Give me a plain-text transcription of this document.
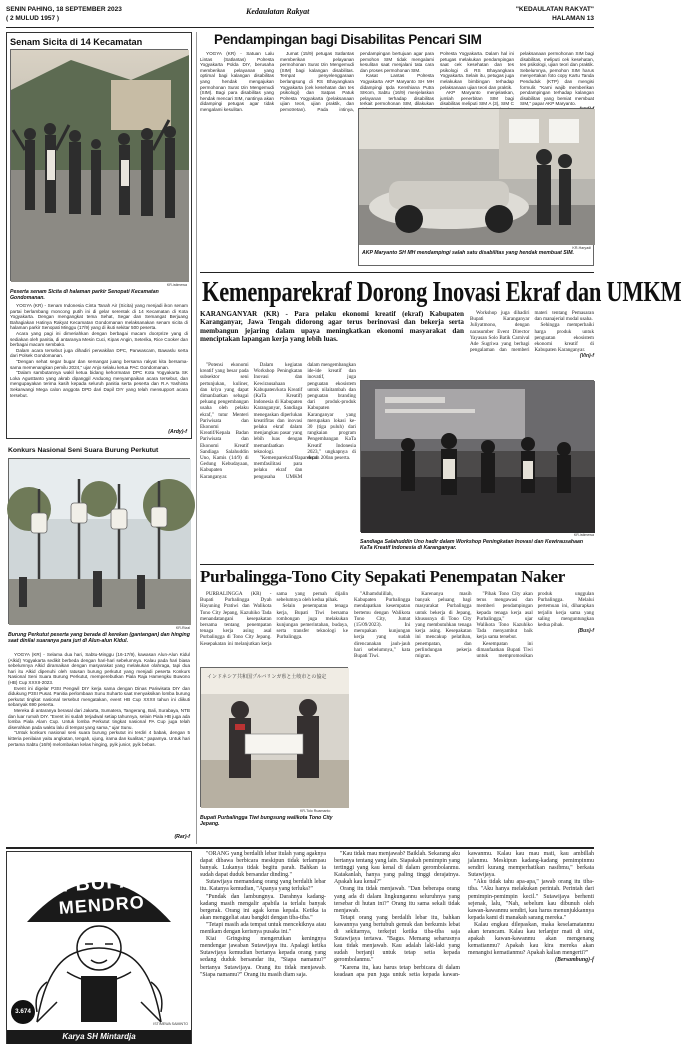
SENIN PAHING, 18 SEPTEMBER 2023
( 2 MULUD 1957 )
Kedaulatan Rakyat	"KEDAULATAN RAKYAT"
HALAMAN 13
Senam Sicita di 14 Kecamatan
KR-istimewa
Peserta senam Sicita di halaman parkir Senopati Kecamatan Gondomanan.

YOGYA (KR) - Senam Indonesia Cinta Tanah Air (Sicita) yang menjadi ikon senam partai berlambang moncong putih ini di gelar serentak di 14 Kecamatan di Kota Yogyakarta. Dengan mengangkat tema Sehat, Segar dan Semangat Berjuang Bahagiakan Hatinya Rakyat Kecamatan Gondomanan melaksanakan senam sicita di halaman parkir Senopati Minggu (17/9) yang di ikuti sekitar 500 peserta.

Acara yang pagi ini dimeriahkan dengan berbagai macam doorprize yang di sediakan oleh panitia, di antaranya Mesin Cuci, Kipas Angin, Seterika, Rice Cooker dan berbagai macam sembako.

Dalam acara tersebut juga dihadiri perwakilan DPC, Panwascam, Bawaslu serta dari Polsek Gondomanan.

"Dengan sehat segar bugar dan semangat juang bersama rakyat kita bersama-sama memenangkan pemilu 2024," ujar Anjo selaku ketua PAC Gondomanan.

"Dalam sambutannya wakil ketua bidang kehormatan DPC Kota Yogyakarta SK Loka Agusttanto yang akrab dipanggil Anduong menyampaikan acara tersebut, dan mengupayakan terima kasih kepada seluruh panitia serta peserta dan R.A Yashinta Sekarwangi Mega calon anggota DPD dari Dapil DIY yang telah mensupport acara tersebut.

(Ardy)-f
Konkurs Nasional Seni Suara Burung Perkutut
KR-Rizal
Burung Perkutut peserta yang berada di kerekan (gantangan) dan hinging saat dinilai suaranya para juri di Alun-alun Kidul.

YOGYA (KR) - Selama dua hari, Sabtu-Minggu (16-17/9), kawasan Alun-Alun Kidul (Alkid) Yogyakarta sedikit berbeda dengan hari-hari sebelumnya. Kalau pada hari biasa sebelumnya Alkid diramaikan dengan masyarakat yang melakukan olahraga, tapi dua hari itu Alkid dipenuhi oleh ratusan burung perkutut yang menjadi peserta Konkurs Nasional Seni Suara Burung Perkutut, memperebutkan Piala Raja Hamengku Buwono (HB) Cup XXXII-2023.

Event ini digelar P3SI Pengwil DIY kerja sama dengan Dinas Pariwisata DIY dan didukung P3SI Pusat. Panitia perlombaan Sunu Suharto saat menyaksikan lomba burung perkutut tingkat nasional tersebut mengatakan, event HB Cup XXXII tahun ini diikuti sebanyak 690 peserta.

Mereka di antaranya berasal dari Jakarta, Sumatera, Tangerang, Bali, Surabaya, NTB dan luar rumah DIY. "Event ini sudah terjadwal setiap tahunnya, selain Piala HB juga ada lomba Piala Alam Cup. Untuk lomba Perkutut tingkat nasional PA Cup juga telah diserahkan pada waktu lalu di tempat yang sama," ujar Sunu.

"Untuk konkurs nasional seni suara burung perkutut ini terdiri 4 babak, dengan 5 kitteria penilaian yaitu angkatan, tengah, ujung, irama dan kualitas," papamya. Untuk hari pertama Sabtu (16/9) melombakan kelas hinging, pyik junior, pyik bebas.

(Rar)-f
Pendampingan bagi Disabilitas Pencari SIM

YOGYA (KR) - Satuan Lalu Lintas (Satlantas) Polresta Yogyakarta Polda DIY, berusaha memberikan pelayanan yang optimal bagi kalangan disabilitas yang hendak mengajukan permohonan Surat Izin Mengemudi (SIM). Bagi para disabilitas yang hendak mencari SIM, nantinya akan didampingi petugas agar tidak mengalami kesulitan.

Jumat (15/9) petugas Satlantas memberikan pelayanan permohonan Surat Izin Mengemudi (SIM) bagi kalangan disabilitas. Tempat penyelenggaraan berlangsung di RS Bhayangkara Yogyakarta (cek kesehatan dan tes psikologi) dan Satpas Patuk Polresta Yogyakarta (pelaksanaan ujian teori, ujian praktik, dan pemotretan). Pada intinya, pendampingan bertujuan agar para pemohon SIM tidak mengalami kesulitan saat menjalani tata cara dan proses permohonan SIM.

Kasat Lantas Polresta Yogyakarta AKP Maryanto SH MH didampingi Ipda Kenshiana Putra SIKom, Sabtu (16/9) menjelaskan pelayanan terhadap disabilitas terkait permohonan SIM, dilakukan Polresta Yogyakarta. Dalam hal ini petugas melakukan pendampingan saat cek kesehatan dan tes psikologi di RS Bhayangkara Yogyakarta. Selain itu, petugas juga melakukan bimbingan terhadap pelaksanaan ujian teori dan praktik.

AKP Maryanto menjelaskan, jumlah penerbitan SIM bagi disabilitas meliputi SIM A (3), SIM C pelaksanaan permohonan SIM bagi disabilitas, meliputi cek kesehatan, tes psikologi, ujian teori dan praktik. Sebelumnya, pemohon SIM harus menyertakan foto copy Kartu Tanda Penduduk (KTP) dan mengisi formulir. "Kami wajib memberikan pendampingan terhadap kalangan disabilitas yang bemiat membuat SIM," papar AKP Maryanto.

KR-Haryadi
AKP Maryanto SH MH mendampingi salah satu disabilitas yang hendak membuat SIM.
Kemenparekraf Dorong Inovasi Ekraf dan UMKM
KARANGANYAR (KR) - Para pelaku ekonomi kreatif (ekraf) Kabupaten Karanganyar, Jawa Tengah didorong agar terus berinovasi dan bekerja serta membangun jejaring dalam upaya meningkatkan ekonomi masyarakat dan menciptakan lapangan kerja yang lebih luas.

Workshop juga dihadiri Bupati Karanganyar Juliyatmono, dengan narasumber Event Director Yayasan Solo Batik Carnival Ade Sugriwa yang berbagi pengalaman dan memberi materi tentang Pemasaran dan manajerial modal usaha.

Sehingga memperbaiki harga produk untuk penguatan ekosistem ekonomi kreatif di Kabupaten Karanganyar.

(Vin)-f

"Potensi ekonomi kreatif yang besar pada subsektor seni pertunjukan, kuliner, dan kriya yang dapat dimanfaatkan sebagai peluang pengembangan usaha oleh pelaku ekraf," tutur Menteri Pariwisata dan Ekonomi Kreatif/Kepala Badan Pariwisata dan Ekonomi Kreatif Sandiaga Salahuddin Uno, Kamis (14/9) di Gedung Kebudayaan, Kabupaten Karanganyar.

Dalam kegiatan Workshop Peningkatan Inovasi dan Kewirausahaan Kabupaten/kota Kreatif (KaTa Kreatif) Indonesia di Kabupaten Karanganyar, Sandiaga menegaskan diperlukan kreatifitas dan inovasi pelaku ekraf dalam menjangkau pasar yang lebih luas dengan memanfaatkan teknologi.

"Kemenparekraf/Baparekraf memfasilitasi para pelaku ekraf dan pengusaha UMKM dalam mengembangkan ide-ide kreatif dan inovatif, juga penguatan ekosistem untuk nilaitambah dan penguatan branding dari produk-produk Kabupaten Karanganyar yang merupakan lokasi ke-30 (tiga puluh) dari rangkaian program Pengembangan KaTa Kreatif Indonesia 2023," ungkapnya di depan 200an peserta.

KR-istimewa
Sandiaga Salahuddin Uno hadir dalam Workshop Peningkatan Inovasi dan Kewirausahaan KaTa Kreatif Indonesia di Karanganyar.
Purbalingga-Tono City Sepakati Penempatan Naker

PURBALINGGA (KR) - Bupati Purbalingga Dyah Hayuning Pratiwi dan Walikota Tono City Jepang, Kazuhiko Tada menandatangani kesepakatan bersama tentang penempatan tenaga kerja asing asal Purbalingga di Tono City Jepang. Kesepakatan ini melanjutkan kerja sama yang pernah dijalin sebelumnya oleh kedua pihak.

Selain penempatan tenaga kerja, Bupati Tiwi bersama rombongan juga melakukan kunjungan pemerintahan, budaya, serta transfer teknologi ke Purbalingga.

インドネシア共和国プルバリンガ県と土岐市との協定
KR-Tolo Ruamanto
Bupati Purbalingga Tiwi bungsung walikota Tono City Jepang.

"Alhamdulillah, Kabupaten Purbalingga mendapatkan kesempatan bertemu dengan Walikota Tono City, Jumat (15/09/2023). Ini merupakan kunjungan kerja yang sudah direncanakan jauh-jauh hari sebelumnya," kata Bupati Tiwi.

Karenanya masih banyak peluang bagi masyarakat Purbalingga untuk bekerja di Jepang, khususnya di Tono City yang membutuhkan tenaga kerja asing. Kesepakatan ini mencakup pelatihan, penempatan, dan perlindungan pekerja migran.

"Pihak Tono City akan terus mengawasi dan memberi pendampingan kepada tenaga kerja asal Purbalingga," ujar Walikota Tono Kazuhiko Tada menyambut baik kerja sama tersebut.

Kesempatan ini dimanfaatkan Bupati Tiwi untuk mempromosikan produk unggulan Purbalingga. Melalui pertemuan ini, diharapkan terjalin kerja sama yang saling menguntungkan kedua pihak.

(Bus)-f
PI BUPATI
MENDRO
3.674
ISTIMEWA SAMINTO
Karya SH Mintardja

"ORANG yang berdalih lebar itulah yang agaknya dapat dibawa berbicara meskipun tidak terlampau banyak. Lukanya tidak begitu parah. Bahkan ia sudah dapat duduk bersandar dinding."

Sutawijaya memandang orang yang berdalih lebar itu. Katanya kemudian, "Apanya yang terluka?"

"Pundak dan lambungnya. Darahnya kadang-kadang masih mengalir apabila ia terlalu banyak bergerak. Orang ini agak keras kepala. Ketika ia akan menggeliat atau bangkit dengan tiba-tiba."

"Tetapi masih ada tempat untuk mencekiknya atau menikam dengan kerisnya pusaka ini."

Kiai Gringsing mengerutkan keningnya mendengar jawaban Sutawijaya itu. Apalagi ketika Sutawijaya kemudian bertanya kepada orang yang sedang duduk bersandar itu, "Siapa namamu?" bertanya Sutawijaya. Orang itu tidak menjawab. "Siapa namamu?" Orang itu masih diam saja.

"Kau tidak mau menjawab? Baiklah. Sekarang aku bertanya tentang yang lain. Siapakah pemimpin yang tertinggi yang kau kenal di dalam gerombolanmu. Katakanlah, hanya yang paling tinggi derajatnya. Apakah kau kenal?"

Orang itu tidak menjawab. "Dan beberapa orang yang ada di dalam lingkungannu seluruhnya yang tersebar di hutan ini?" Orang itu sama sekali tidak menjawab.

Tetapi orang yang berdalih lebar itu, bahkan kawannya yang bertubuh gemuk dan berkumis lebat di sekitarnya, terkejut ketika tiba-tiba saja Sutawijaya tertawa. "Bagus. Memang seharusnya kau tidak menjawab. Kau adalah laki-laki yang sudah berjanji untuk tetap setia kepada gerombolanmu."

"Karena itu, kau harus tetap berbicara di dalam keadaan apa pun juga untuk setia kepada kawan-kawanmu. Kalau kau mau mati, kau ambillah jalanmu. Meskipun kadang-kadang pemimpinmu sendiri kurang memperhatikan nasibmu," berkata Sutawijaya.

"Aku tidak tahu apa-apa," jawab orang itu tiba-tiba. "Aku hanya melakukan perintah. Perintah dari pemimpin-pemimpin kecil." Sutawijaya berhenti sejenak, lalu, "Nah, sebelum kau dibunuh oleh kawan-kawanmu sendiri, kau harus menunjukkannya kepada kami di manakah sarang mereka."

Kalau engkau dilepaskan, maka keselamatanmu akan terancam. Kalau kau terlanjur mati di sini, apakah kawan-kawanmu akan mengenang kematianmu? Apakah kau kira mereka akan menangisi kematianmu? Apakah kalian mengerti?"

(Bersambung)-f
